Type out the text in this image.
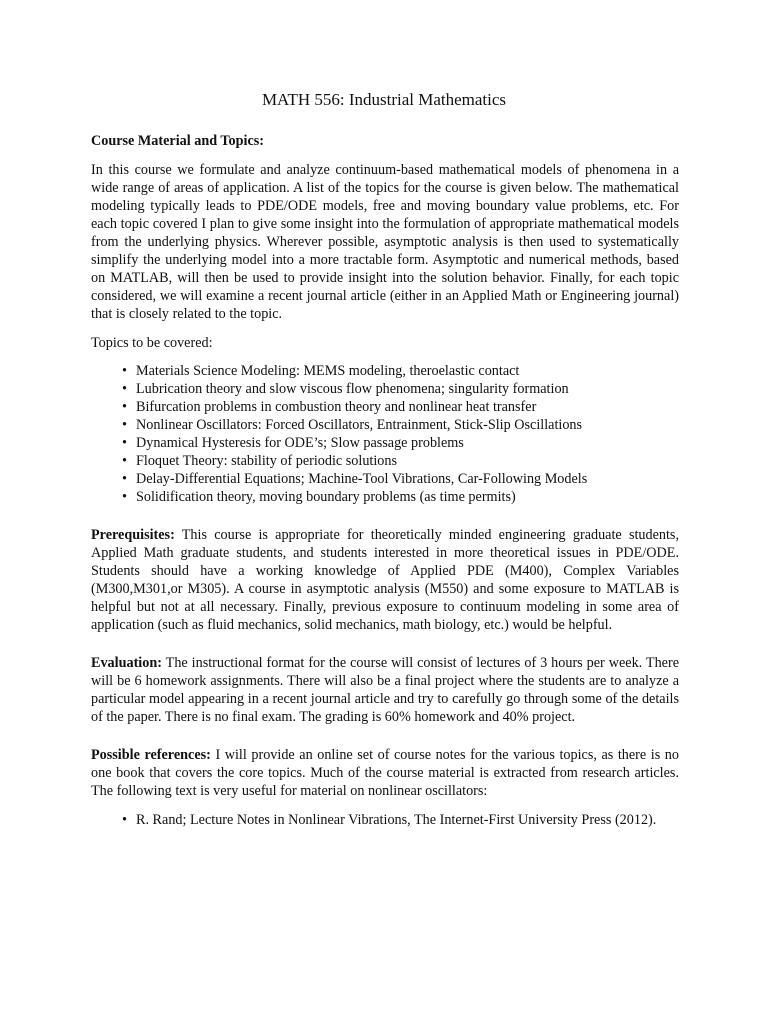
MATH 556: Industrial Mathematics
Course Material and Topics:

In this course we formulate and analyze continuum-based mathematical models of phenomena in a wide range of areas of application. A list of the topics for the course is given below. The mathematical modeling typically leads to PDE/ODE models, free and moving boundary value problems, etc. For each topic covered I plan to give some insight into the formulation of appropriate mathematical models from the underlying physics. Wherever possible, asymptotic analysis is then used to systematically simplify the underlying model into a more tractable form. Asymptotic and numerical methods, based on MATLAB, will then be used to provide insight into the solution behavior. Finally, for each topic considered, we will examine a recent journal article (either in an Applied Math or Engineering journal) that is closely related to the topic.

Topics to be covered:

• Materials Science Modeling: MEMS modeling, theroelastic contact
• Lubrication theory and slow viscous flow phenomena; singularity formation
• Bifurcation problems in combustion theory and nonlinear heat transfer
• Nonlinear Oscillators: Forced Oscillators, Entrainment, Stick-Slip Oscillations
• Dynamical Hysteresis for ODE’s; Slow passage problems
• Floquet Theory: stability of periodic solutions
• Delay-Differential Equations; Machine-Tool Vibrations, Car-Following Models
• Solidification theory, moving boundary problems (as time permits)

Prerequisites: This course is appropriate for theoretically minded engineering graduate students, Applied Math graduate students, and students interested in more theoretical issues in PDE/ODE. Students should have a working knowledge of Applied PDE (M400), Complex Variables (M300,M301,or M305). A course in asymptotic analysis (M550) and some exposure to MATLAB is helpful but not at all necessary. Finally, previous exposure to continuum modeling in some area of application (such as fluid mechanics, solid mechanics, math biology, etc.) would be helpful.

Evaluation: The instructional format for the course will consist of lectures of 3 hours per week. There will be 6 homework assignments. There will also be a final project where the students are to analyze a particular model appearing in a recent journal article and try to carefully go through some of the details of the paper. There is no final exam. The grading is 60% homework and 40% project.

Possible references: I will provide an online set of course notes for the various topics, as there is no one book that covers the core topics. Much of the course material is extracted from research articles. The following text is very useful for material on nonlinear oscillators:

• R. Rand; Lecture Notes in Nonlinear Vibrations, The Internet-First University Press (2012).
